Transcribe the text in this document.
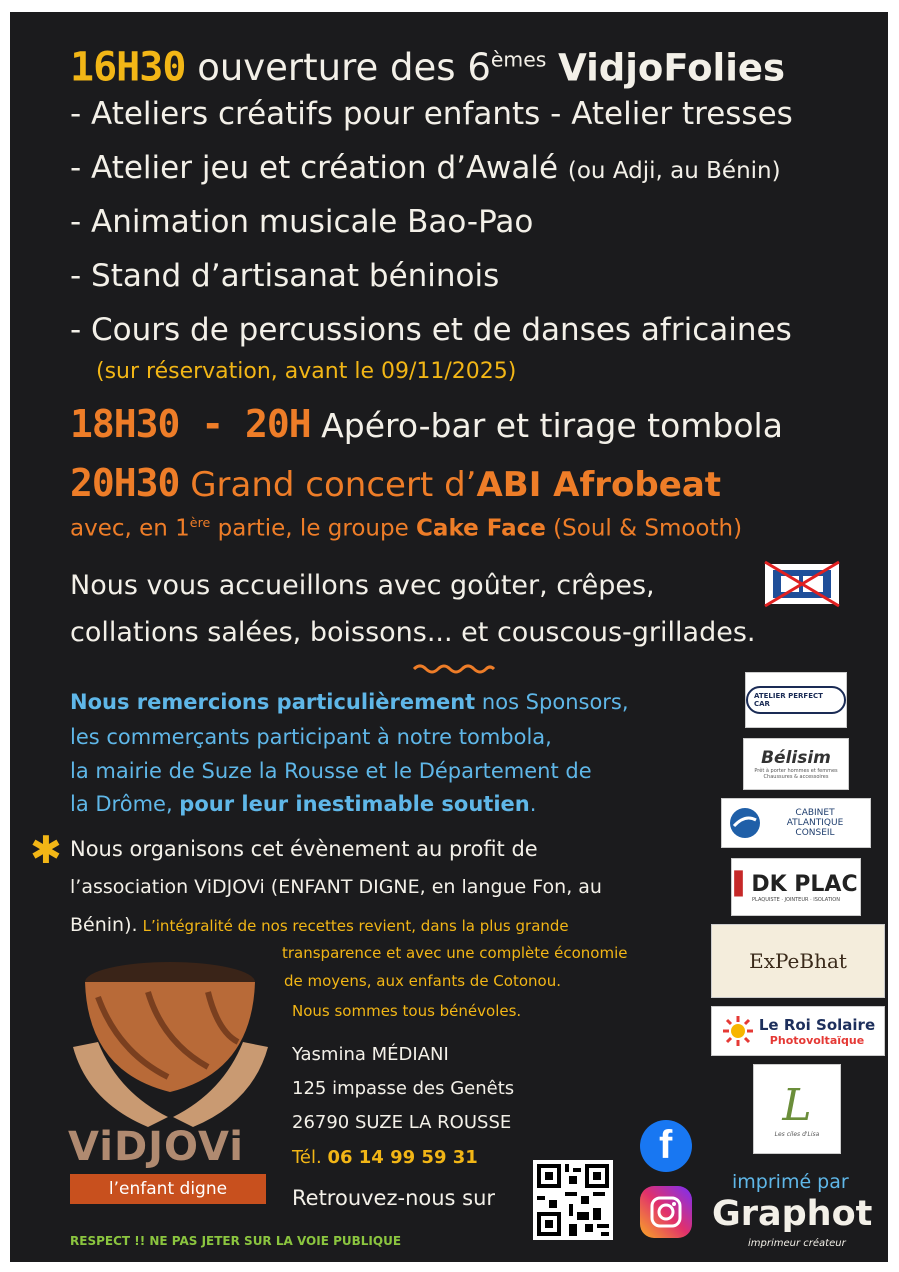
16H30 ouverture des 6èmes VidjoFolies
- Ateliers créatifs pour enfants - Atelier tresses
- Atelier jeu et création d’Awalé (ou Adji, au Bénin)
- Animation musicale Bao-Pao
- Stand d’artisanat béninois
- Cours de percussions et de danses africaines
(sur réservation, avant le 09/11/2025)
18H30 - 20H Apéro-bar et tirage tombola
20H30 Grand concert d’ABI Afrobeat
avec, en 1ère partie, le groupe Cake Face (Soul & Smooth)
Nous vous accueillons avec goûter, crêpes,
collations salées, boissons... et couscous-grillades.
Nous remercions particulièrement nos Sponsors,
les commerçants participant à notre tombola,
la mairie de Suze la Rousse et le Département de
la Drôme, pour leur inestimable soutien.
✱ Nous organisons cet évènement au profit de
l’association ViDJOVi (ENFANT DIGNE, en langue Fon, au
Bénin). L’intégralité de nos recettes revient, dans la plus grande
transparence et avec une complète économie
de moyens, aux enfants de Cotonou.
Nous sommes tous bénévoles.
ViDJOVi
l’enfant digne
Yasmina MÉDIANI
125 impasse des Genêts
26790 SUZE LA ROUSSE
Tél. 06 14 99 59 31
Retrouvez-nous sur
f
RESPECT !! NE PAS JETER SUR LA VOIE PUBLIQUE
ATELIER PERFECT CAR
Bélisim
Prêt à porter hommes et femmes Chaussures & accessoires
CABINET ATLANTIQUE CONSEIL
▌DK PLAC
PLAQUISTE · JOINTEUR · ISOLATION
ExPeBhat
Le Roi Solaire
Photovoltaïque
L
Les ciles d'Lisa
imprimé par
Graphot
imprimeur créateur
